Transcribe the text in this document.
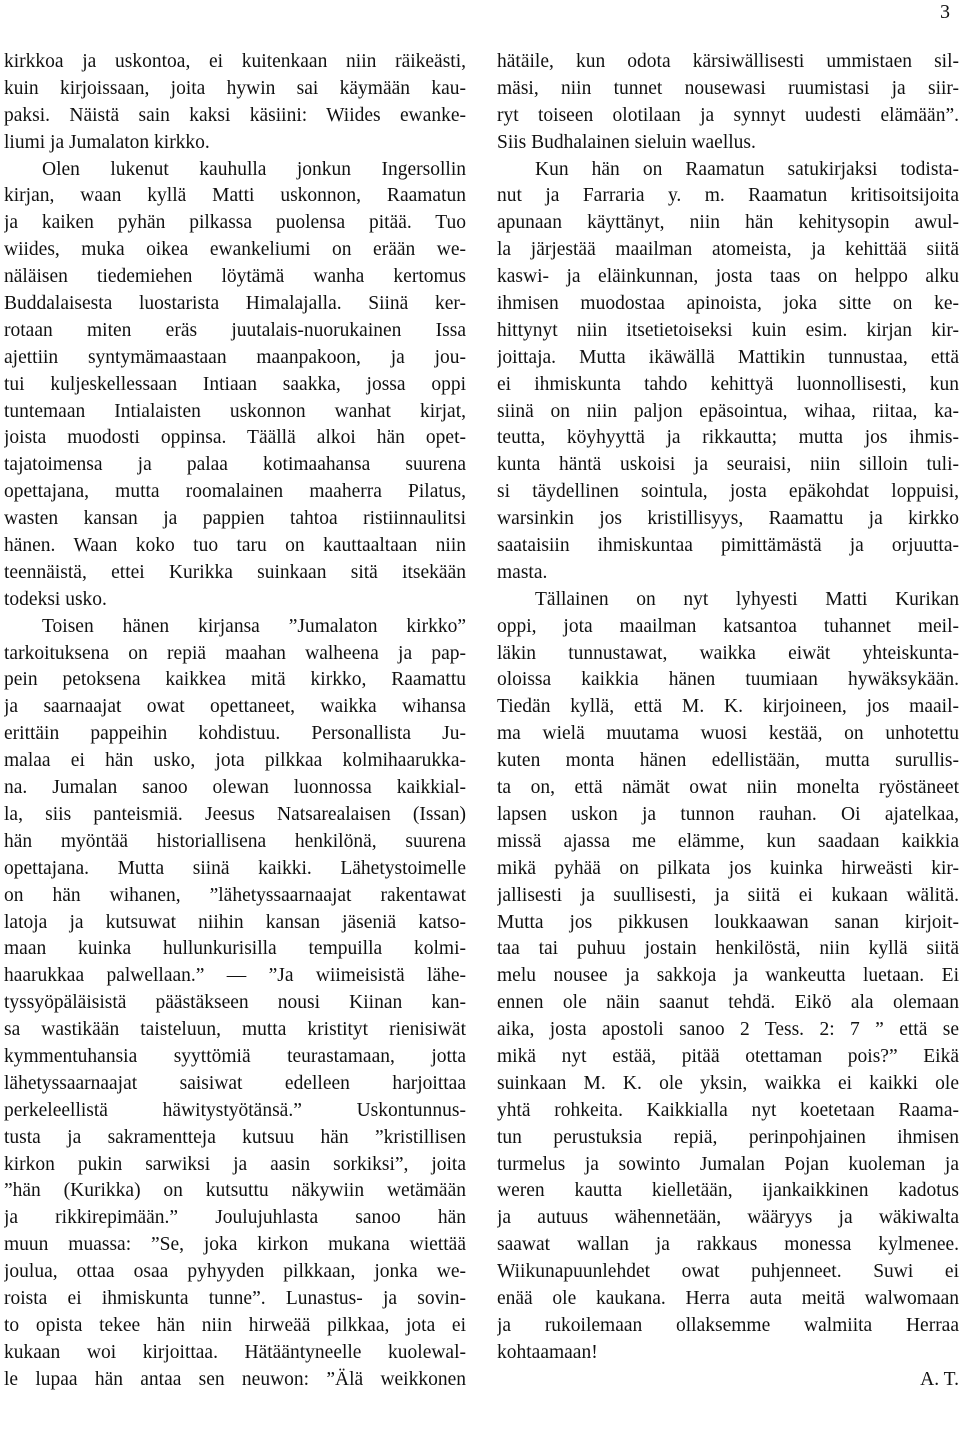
3
kirkkoa ja uskontoa, ei kuitenkaan niin räikeästi,
kuin kirjoissaan, joita hywin sai käymään kau-
paksi. Näistä sain kaksi käsiini: Wiides ewanke-
liumi ja Jumalaton kirkko.
Olen lukenut kauhulla jonkun Ingersollin
kirjan, waan kyllä Matti uskonnon, Raamatun
ja kaiken pyhän pilkassa puolensa pitää. Tuo
wiides, muka oikea ewankeliumi on erään we-
näläisen tiedemiehen löytämä wanha kertomus
Buddalaisesta luostarista Himalajalla. Siinä ker-
rotaan miten eräs juutalais-nuorukainen Issa
ajettiin syntymämaastaan maanpakoon, ja jou-
tui kuljeskellessaan Intiaan saakka, jossa oppi
tuntemaan Intialaisten uskonnon wanhat kirjat,
joista muodosti oppinsa. Täällä alkoi hän opet-
tajatoimensa ja palaa kotimaahansa suurena
opettajana, mutta roomalainen maaherra Pilatus,
wasten kansan ja pappien tahtoa ristiinnaulitsi
hänen. Waan koko tuo taru on kauttaaltaan niin
teennäistä, ettei Kurikka suinkaan sitä itsekään
todeksi usko.
Toisen hänen kirjansa ”Jumalaton kirkko”
tarkoituksena on repiä maahan walheena ja pap-
pein petoksena kaikkea mitä kirkko, Raamattu
ja saarnaajat owat opettaneet, waikka wihansa
erittäin pappeihin kohdistuu. Personallista Ju-
malaa ei hän usko, jota pilkkaa kolmihaarukka-
na. Jumalan sanoo olewan luonnossa kaikkial-
la, siis panteismiä. Jeesus Natsarealaisen (Issan)
hän myöntää historiallisena henkilönä, suurena
opettajana. Mutta siinä kaikki. Lähetystoimelle
on hän wihanen, ”lähetyssaarnaajat rakentawat
latoja ja kutsuwat niihin kansan jäseniä katso-
maan kuinka hullunkurisilla tempuilla kolmi-
haarukkaa palwellaan.” — ”Ja wiimeisistä lähe-
tyssyöpäläisistä päästäkseen nousi Kiinan kan-
sa wastikään taisteluun, mutta kristityt rienisiwät
kymmentuhansia syyttömiä teurastamaan, jotta
lähetyssaarnaajat saisiwat edelleen harjoittaa
perkeleellistä häwitystyötänsä.” Uskontunnus-
tusta ja sakramentteja kutsuu hän ”kristillisen
kirkon pukin sarwiksi ja aasin sorkiksi”, joita
”hän (Kurikka) on kutsuttu näkywiin wetämään
ja rikkirepimään.” Joulujuhlasta sanoo hän
muun muassa: ”Se, joka kirkon mukana wiettää
joulua, ottaa osaa pyhyyden pilkkaan, jonka we-
roista ei ihmiskunta tunne”. Lunastus- ja sovin-
to opista tekee hän niin hirweää pilkkaa, jota ei
kukaan woi kirjoittaa. Hätääntyneelle kuolewal-
le lupaa hän antaa sen neuwon: ”Älä weikkonen
hätäile, kun odota kärsiwällisesti ummistaen sil-
mäsi, niin tunnet nousewasi ruumistasi ja siir-
ryt toiseen olotilaan ja synnyt uudesti elämään”.
Siis Budhalainen sieluin waellus.
Kun hän on Raamatun satukirjaksi todista-
nut ja Farraria y. m. Raamatun kritisoitsijoita
apunaan käyttänyt, niin hän kehitysopin awul-
la järjestää maailman atomeista, ja kehittää siitä
kaswi- ja eläinkunnan, josta taas on helppo alku
ihmisen muodostaa apinoista, joka sitte on ke-
hittynyt niin itsetietoiseksi kuin esim. kirjan kir-
joittaja. Mutta ikäwällä Mattikin tunnustaa, että
ei ihmiskunta tahdo kehittyä luonnollisesti, kun
siinä on niin paljon epäsointua, wihaa, riitaa, ka-
teutta, köyhyyttä ja rikkautta; mutta jos ihmis-
kunta häntä uskoisi ja seuraisi, niin silloin tuli-
si täydellinen sointula, josta epäkohdat loppuisi,
warsinkin jos kristillisyys, Raamattu ja kirkko
saataisiin ihmiskuntaa pimittämästä ja orjuutta-
masta.
Tällainen on nyt lyhyesti Matti Kurikan
oppi, jota maailman katsantoa tuhannet meil-
läkin tunnustawat, waikka eiwät yhteiskunta-
oloissa kaikkia hänen tuumiaan hywäksykään.
Tiedän kyllä, että M. K. kirjoineen, jos maail-
ma wielä muutama wuosi kestää, on unhotettu
kuten monta hänen edellistään, mutta surullis-
ta on, että nämät owat niin monelta ryöstäneet
lapsen uskon ja tunnon rauhan. Oi ajatelkaa,
missä ajassa me elämme, kun saadaan kaikkia
mikä pyhää on pilkata jos kuinka hirweästi kir-
jallisesti ja suullisesti, ja siitä ei kukaan wälitä.
Mutta jos pikkusen loukkaawan sanan kirjoit-
taa tai puhuu jostain henkilöstä, niin kyllä siitä
melu nousee ja sakkoja ja wankeutta luetaan. Ei
ennen ole näin saanut tehdä. Eikö ala olemaan
aika, josta apostoli sanoo 2 Tess. 2: 7 ” että se
mikä nyt estää, pitää otettaman pois?” Eikä
suinkaan M. K. ole yksin, waikka ei kaikki ole
yhtä rohkeita. Kaikkialla nyt koetetaan Raama-
tun perustuksia repiä, perinpohjainen ihmisen
turmelus ja sowinto Jumalan Pojan kuoleman ja
weren kautta kielletään, ijankaikkinen kadotus
ja autuus wähennetään, wääryys ja wäkiwalta
saawat wallan ja rakkaus monessa kylmenee.
Wiikunapuunlehdet owat puhjenneet. Suwi ei
enää ole kaukana. Herra auta meitä walwomaan
ja rukoilemaan ollaksemme walmiita Herraa
kohtaamaan!
A. T.
